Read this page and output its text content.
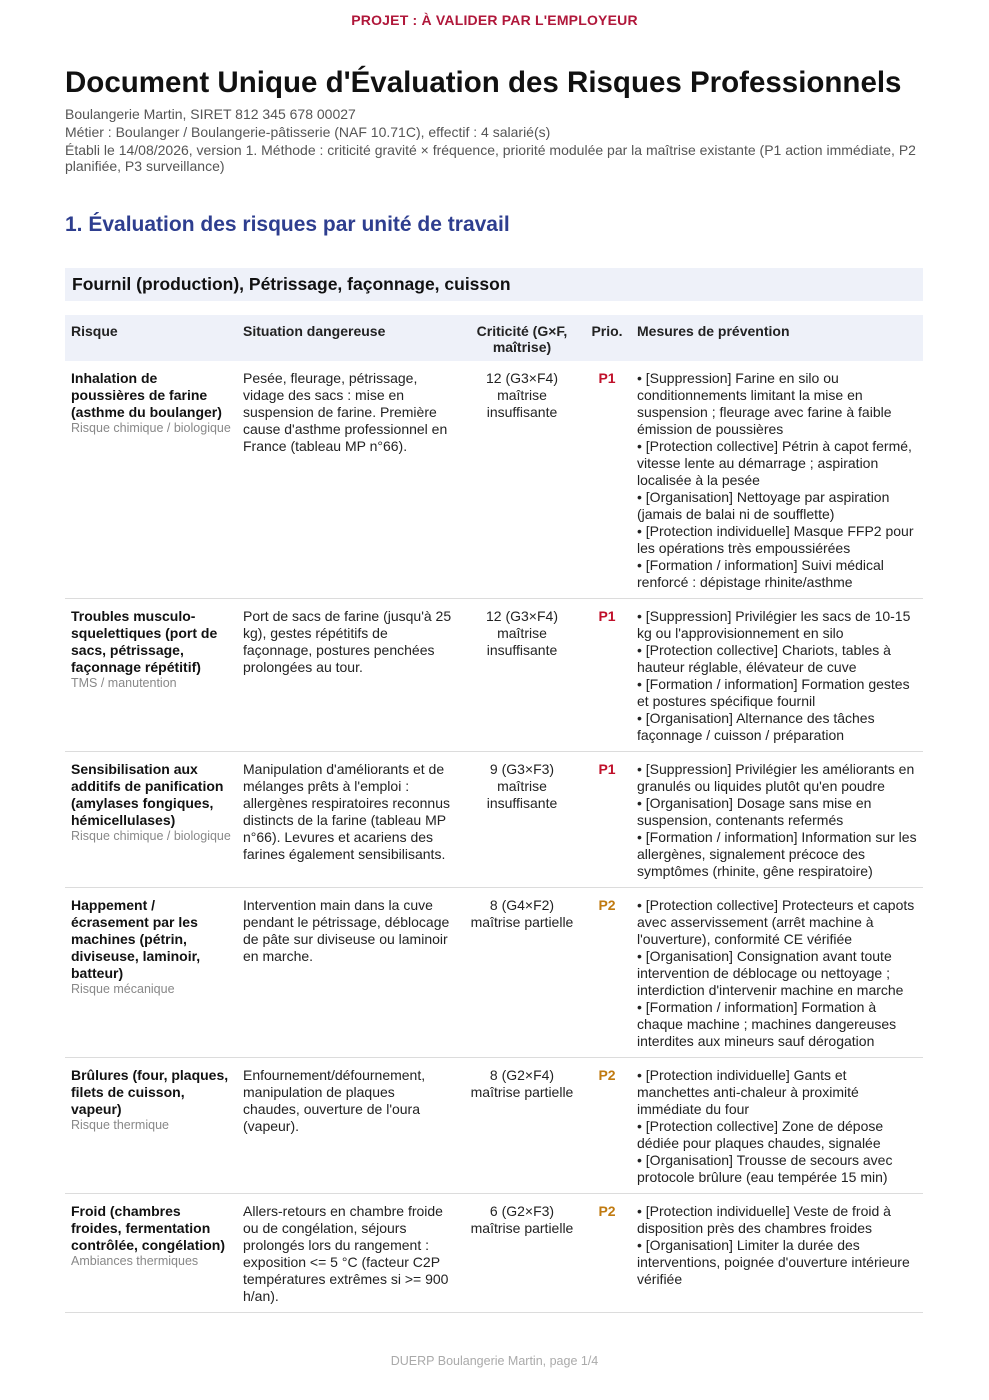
PROJET : À VALIDER PAR L'EMPLOYEUR
Document Unique d'Évaluation des Risques Professionnels

Boulangerie Martin, SIRET 812 345 678 00027

Métier : Boulanger / Boulangerie-pâtisserie (NAF 10.71C), effectif : 4 salarié(s)

Établi le 14/08/2026, version 1. Méthode : criticité gravité × fréquence, priorité modulée par la maîtrise existante (P1 action immédiate, P2 planifiée, P3 surveillance)

1. Évaluation des risques par unité de travail
Fournil (production), Pétrissage, façonnage, cuisson
Risque	Situation dangereuse	Criticité (G×F, maîtrise)	Prio.	Mesures de prévention

Inhalation de poussières de farine (asthme du boulanger)
Risque chimique / biologique	Pesée, fleurage, pétrissage, vidage des sacs : mise en suspension de farine. Première cause d'asthme professionnel en France (tableau MP n°66).	12 (G3×F4) maîtrise insuffisante	P1	• [Suppression] Farine en silo ou conditionnements limitant la mise en suspension ; fleurage avec farine à faible émission de poussières
• [Protection collective] Pétrin à capot fermé, vitesse lente au démarrage ; aspiration localisée à la pesée
• [Organisation] Nettoyage par aspiration (jamais de balai ni de soufflette)
• [Protection individuelle] Masque FFP2 pour les opérations très empoussiérées
• [Formation / information] Suivi médical renforcé : dépistage rhinite/asthme

Troubles musculo-squelettiques (port de sacs, pétrissage, façonnage répétitif)
TMS / manutention	Port de sacs de farine (jusqu'à 25 kg), gestes répétitifs de façonnage, postures penchées prolongées au tour.	12 (G3×F4) maîtrise insuffisante	P1	• [Suppression] Privilégier les sacs de 10-15 kg ou l'approvisionnement en silo
• [Protection collective] Chariots, tables à hauteur réglable, élévateur de cuve
• [Formation / information] Formation gestes et postures spécifique fournil
• [Organisation] Alternance des tâches façonnage / cuisson / préparation

Sensibilisation aux additifs de panification (amylases fongiques, hémicellulases)
Risque chimique / biologique	Manipulation d'améliorants et de mélanges prêts à l'emploi : allergènes respiratoires reconnus distincts de la farine (tableau MP n°66). Levures et acariens des farines également sensibilisants.	9 (G3×F3) maîtrise insuffisante	P1	• [Suppression] Privilégier les améliorants en granulés ou liquides plutôt qu'en poudre
• [Organisation] Dosage sans mise en suspension, contenants refermés
• [Formation / information] Information sur les allergènes, signalement précoce des symptômes (rhinite, gêne respiratoire)

Happement / écrasement par les machines (pétrin, diviseuse, laminoir, batteur)
Risque mécanique	Intervention main dans la cuve pendant le pétrissage, déblocage de pâte sur diviseuse ou laminoir en marche.	8 (G4×F2) maîtrise partielle	P2	• [Protection collective] Protecteurs et capots avec asservissement (arrêt machine à l'ouverture), conformité CE vérifiée
• [Organisation] Consignation avant toute intervention de déblocage ou nettoyage ; interdiction d'intervenir machine en marche
• [Formation / information] Formation à chaque machine ; machines dangereuses interdites aux mineurs sauf dérogation

Brûlures (four, plaques, filets de cuisson, vapeur)
Risque thermique	Enfournement/défournement, manipulation de plaques chaudes, ouverture de l'oura (vapeur).	8 (G2×F4) maîtrise partielle	P2	• [Protection individuelle] Gants et manchettes anti-chaleur à proximité immédiate du four
• [Protection collective] Zone de dépose dédiée pour plaques chaudes, signalée
• [Organisation] Trousse de secours avec protocole brûlure (eau tempérée 15 min)

Froid (chambres froides, fermentation contrôlée, congélation)
Ambiances thermiques	Allers-retours en chambre froide ou de congélation, séjours prolongés lors du rangement : exposition <= 5 °C (facteur C2P températures extrêmes si >= 900 h/an).	6 (G2×F3) maîtrise partielle	P2	• [Protection individuelle] Veste de froid à disposition près des chambres froides
• [Organisation] Limiter la durée des interventions, poignée d'ouverture intérieure vérifiée
DUERP Boulangerie Martin, page 1/4
